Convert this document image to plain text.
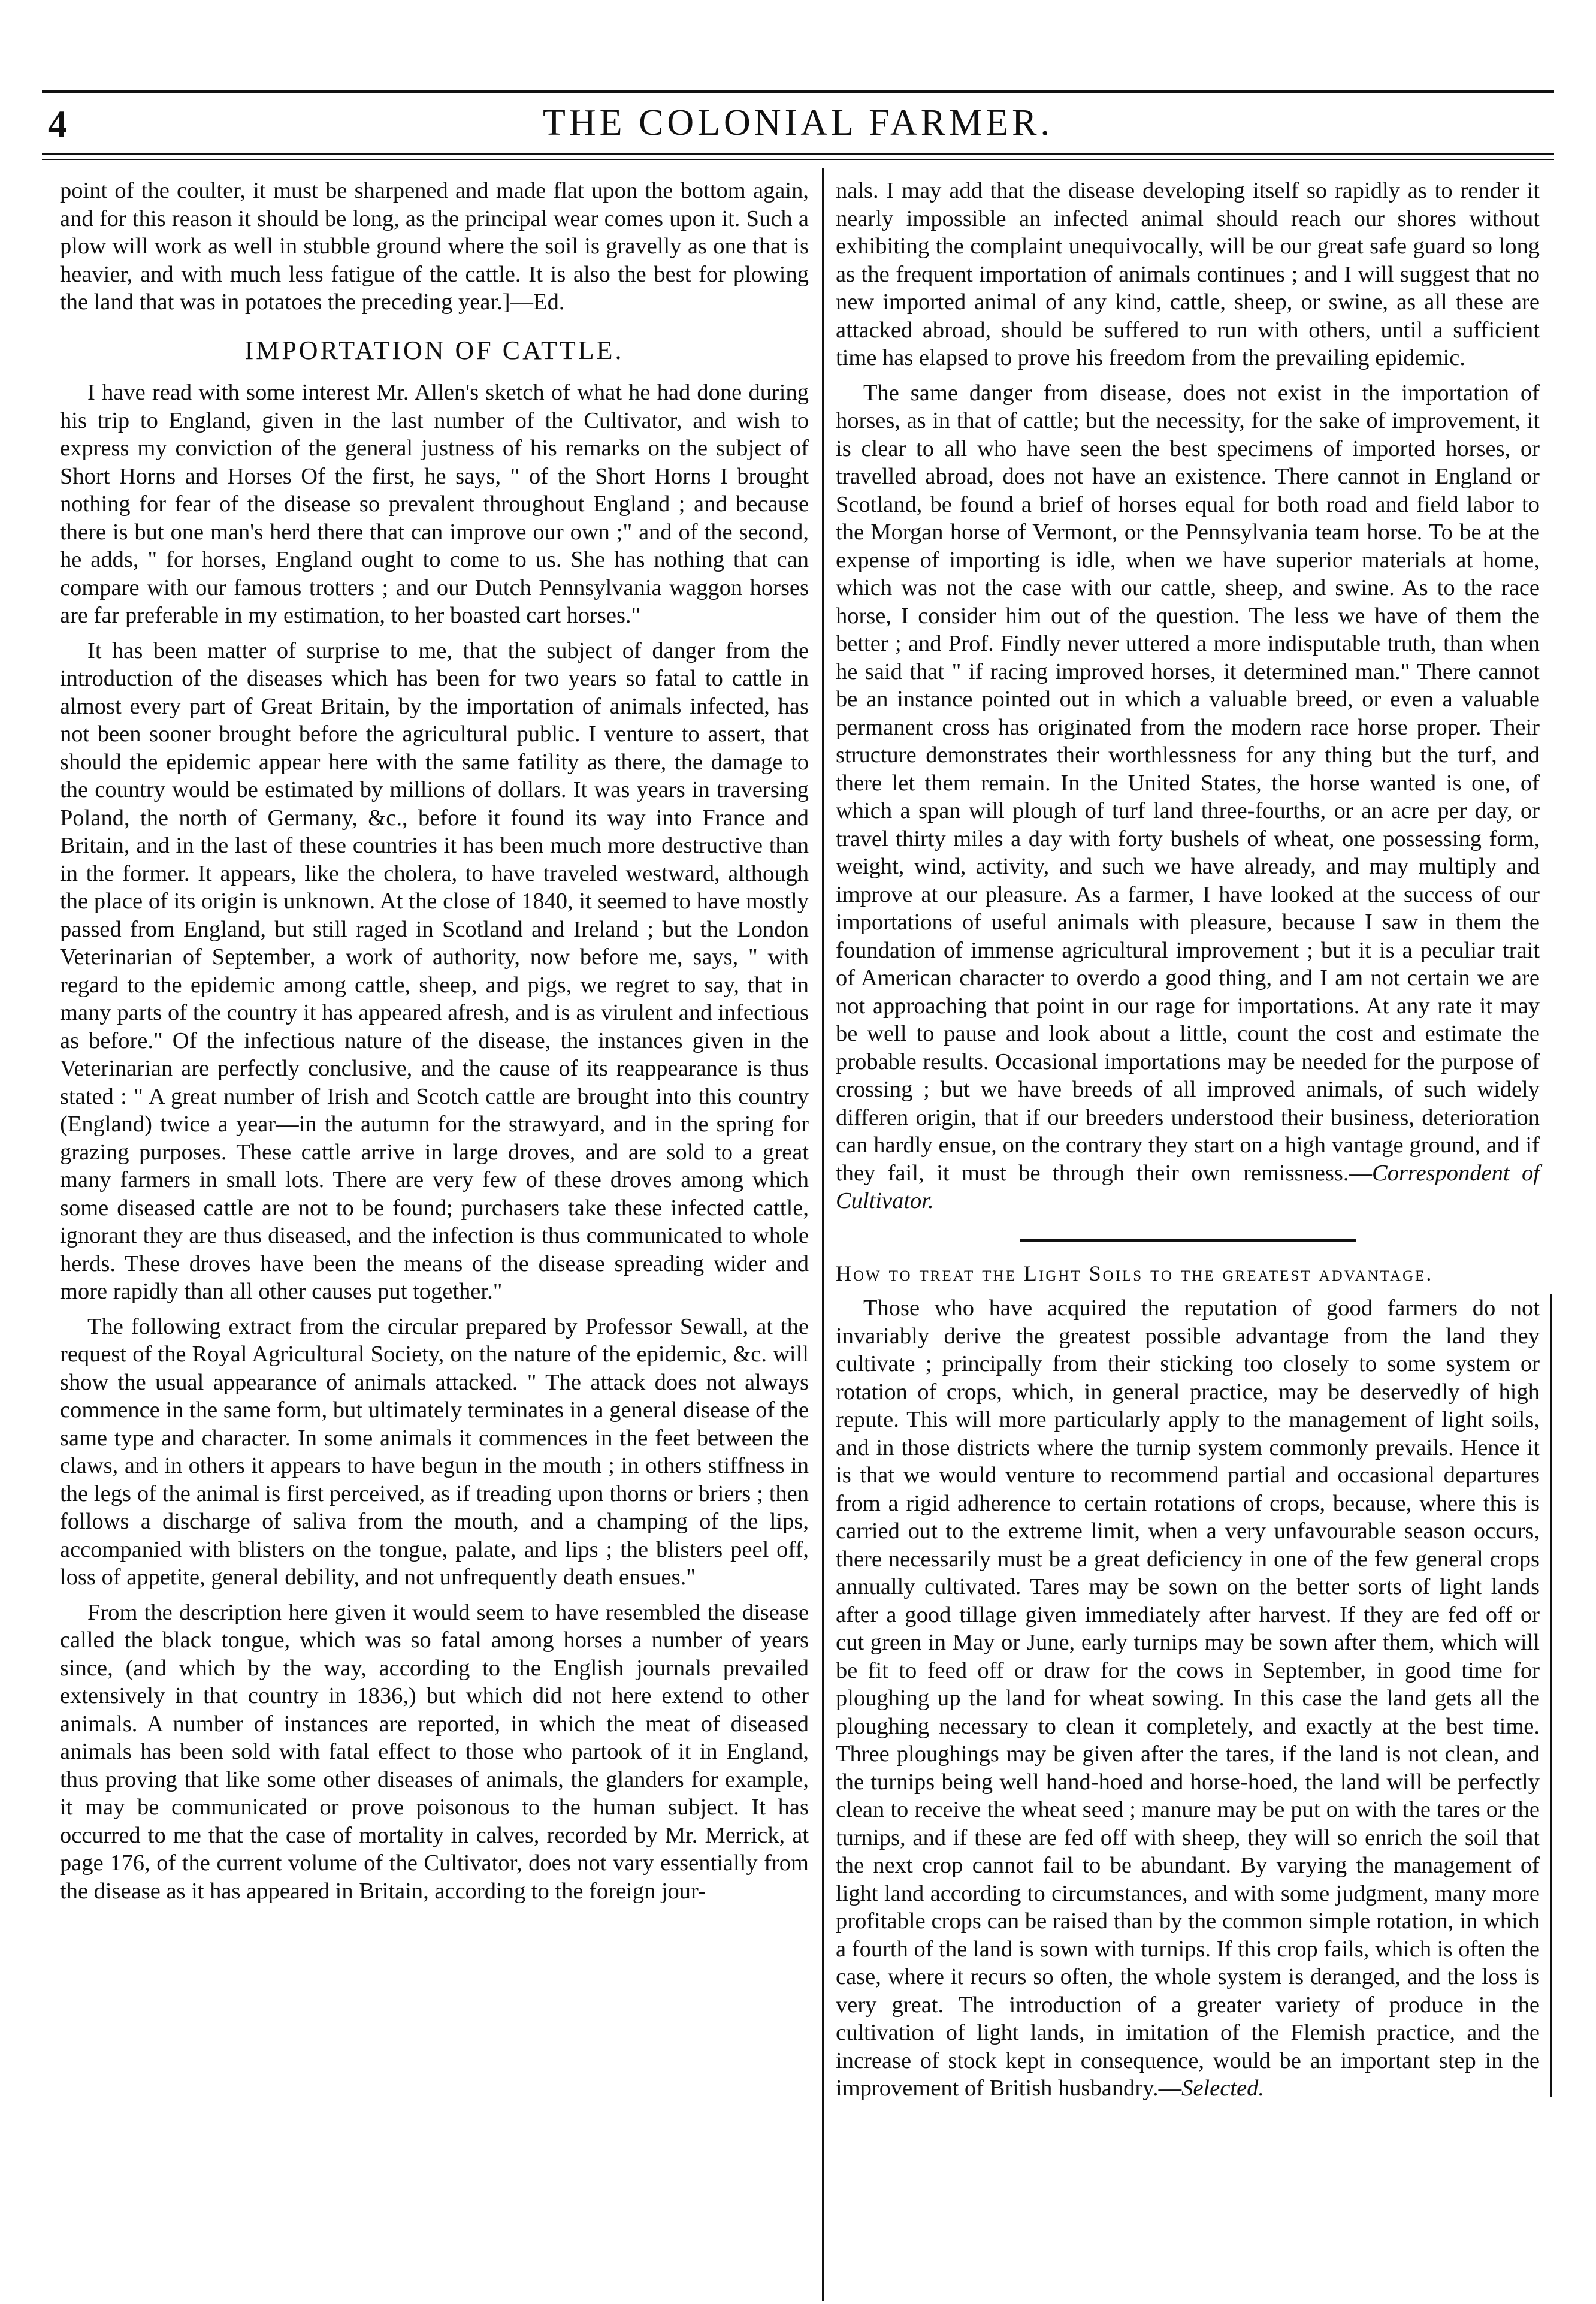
4	THE COLONIAL FARMER.

point of the coulter, it must be sharpened and made flat upon the bottom again, and for this reason it should be long, as the principal wear comes upon it. Such a plow will work as well in stubble ground where the soil is gravelly as one that is heavier, and with much less fatigue of the cattle. It is also the best for plowing the land that was in potatoes the preceding year.]—Ed.

IMPORTATION OF CATTLE.

I have read with some interest Mr. Allen's sketch of what he had done during his trip to England, given in the last number of the Cultivator, and wish to express my conviction of the general justness of his remarks on the subject of Short Horns and Horses Of the first, he says, " of the Short Horns I brought nothing for fear of the disease so prevalent throughout England ; and because there is but one man's herd there that can improve our own ;" and of the second, he adds, " for horses, England ought to come to us. She has nothing that can compare with our famous trotters ; and our Dutch Pennsylvania waggon horses are far preferable in my estimation, to her boasted cart horses."

It has been matter of surprise to me, that the subject of danger from the introduction of the diseases which has been for two years so fatal to cattle in almost every part of Great Britain, by the importation of animals infected, has not been sooner brought before the agricultural public. I venture to assert, that should the epidemic appear here with the same fatility as there, the damage to the country would be estimated by millions of dollars. It was years in traversing Poland, the north of Germany, &c., before it found its way into France and Britain, and in the last of these countries it has been much more destructive than in the former. It appears, like the cholera, to have traveled westward, although the place of its origin is unknown. At the close of 1840, it seemed to have mostly passed from England, but still raged in Scotland and Ireland ; but the London Veterinarian of September, a work of authority, now before me, says, " with regard to the epidemic among cattle, sheep, and pigs, we regret to say, that in many parts of the country it has appeared afresh, and is as virulent and infectious as before." Of the infectious nature of the disease, the instances given in the Veterinarian are perfectly conclusive, and the cause of its reappearance is thus stated : " A great number of Irish and Scotch cattle are brought into this country (England) twice a year—in the autumn for the strawyard, and in the spring for grazing purposes. These cattle arrive in large droves, and are sold to a great many farmers in small lots. There are very few of these droves among which some diseased cattle are not to be found; purchasers take these infected cattle, ignorant they are thus diseased, and the infection is thus communicated to whole herds. These droves have been the means of the disease spreading wider and more rapidly than all other causes put together."

The following extract from the circular prepared by Professor Sewall, at the request of the Royal Agricultural Society, on the nature of the epidemic, &c. will show the usual appearance of animals attacked. " The attack does not always commence in the same form, but ultimately terminates in a general disease of the same type and character. In some animals it commences in the feet between the claws, and in others it appears to have begun in the mouth ; in others stiffness in the legs of the animal is first perceived, as if treading upon thorns or briers ; then follows a discharge of saliva from the mouth, and a champing of the lips, accompanied with blisters on the tongue, palate, and lips ; the blisters peel off, loss of appetite, general debility, and not unfrequently death ensues."

From the description here given it would seem to have resembled the disease called the black tongue, which was so fatal among horses a number of years since, (and which by the way, according to the English journals prevailed extensively in that country in 1836,) but which did not here extend to other animals. A number of instances are reported, in which the meat of diseased animals has been sold with fatal effect to those who partook of it in England, thus proving that like some other diseases of animals, the glanders for example, it may be communicated or prove poisonous to the human subject. It has occurred to me that the case of mortality in calves, recorded by Mr. Merrick, at page 176, of the current volume of the Cultivator, does not vary essentially from the disease as it has appeared in Britain, according to the foreign jour-

nals. I may add that the disease developing itself so rapidly as to render it nearly impossible an infected animal should reach our shores without exhibiting the complaint unequivocally, will be our great safe guard so long as the frequent importation of animals continues ; and I will suggest that no new imported animal of any kind, cattle, sheep, or swine, as all these are attacked abroad, should be suffered to run with others, until a sufficient time has elapsed to prove his freedom from the prevailing epidemic.

The same danger from disease, does not exist in the importation of horses, as in that of cattle; but the necessity, for the sake of improvement, it is clear to all who have seen the best specimens of imported horses, or travelled abroad, does not have an existence. There cannot in England or Scotland, be found a brief of horses equal for both road and field labor to the Morgan horse of Vermont, or the Pennsylvania team horse. To be at the expense of importing is idle, when we have superior materials at home, which was not the case with our cattle, sheep, and swine. As to the race horse, I consider him out of the question. The less we have of them the better ; and Prof. Findly never uttered a more indisputable truth, than when he said that " if racing improved horses, it determined man." There cannot be an instance pointed out in which a valuable breed, or even a valuable permanent cross has originated from the modern race horse proper. Their structure demonstrates their worthlessness for any thing but the turf, and there let them remain. In the United States, the horse wanted is one, of which a span will plough of turf land three-fourths, or an acre per day, or travel thirty miles a day with forty bushels of wheat, one possessing form, weight, wind, activity, and such we have already, and may multiply and improve at our pleasure. As a farmer, I have looked at the success of our importations of useful animals with pleasure, because I saw in them the foundation of immense agricultural improvement ; but it is a peculiar trait of American character to overdo a good thing, and I am not certain we are not approaching that point in our rage for importations. At any rate it may be well to pause and look about a little, count the cost and estimate the probable results. Occasional importations may be needed for the purpose of crossing ; but we have breeds of all improved animals, of such widely differen origin, that if our breeders understood their business, deterioration can hardly ensue, on the contrary they start on a high vantage ground, and if they fail, it must be through their own remissness.—Correspondent of Cultivator.

How to treat the Light Soils to the greatest advantage.

Those who have acquired the reputation of good farmers do not invariably derive the greatest possible advantage from the land they cultivate ; principally from their sticking too closely to some system or rotation of crops, which, in general practice, may be deservedly of high repute. This will more particularly apply to the management of light soils, and in those districts where the turnip system commonly prevails. Hence it is that we would venture to recommend partial and occasional departures from a rigid adherence to certain rotations of crops, because, where this is carried out to the extreme limit, when a very unfavourable season occurs, there necessarily must be a great deficiency in one of the few general crops annually cultivated. Tares may be sown on the better sorts of light lands after a good tillage given immediately after harvest. If they are fed off or cut green in May or June, early turnips may be sown after them, which will be fit to feed off or draw for the cows in September, in good time for ploughing up the land for wheat sowing. In this case the land gets all the ploughing necessary to clean it completely, and exactly at the best time. Three ploughings may be given after the tares, if the land is not clean, and the turnips being well hand-hoed and horse-hoed, the land will be perfectly clean to receive the wheat seed ; manure may be put on with the tares or the turnips, and if these are fed off with sheep, they will so enrich the soil that the next crop cannot fail to be abundant. By varying the management of light land according to circumstances, and with some judgment, many more profitable crops can be raised than by the common simple rotation, in which a fourth of the land is sown with turnips. If this crop fails, which is often the case, where it recurs so often, the whole system is deranged, and the loss is very great. The introduction of a greater variety of produce in the cultivation of light lands, in imitation of the Flemish practice, and the increase of stock kept in consequence, would be an important step in the improvement of British husbandry.—Selected.
